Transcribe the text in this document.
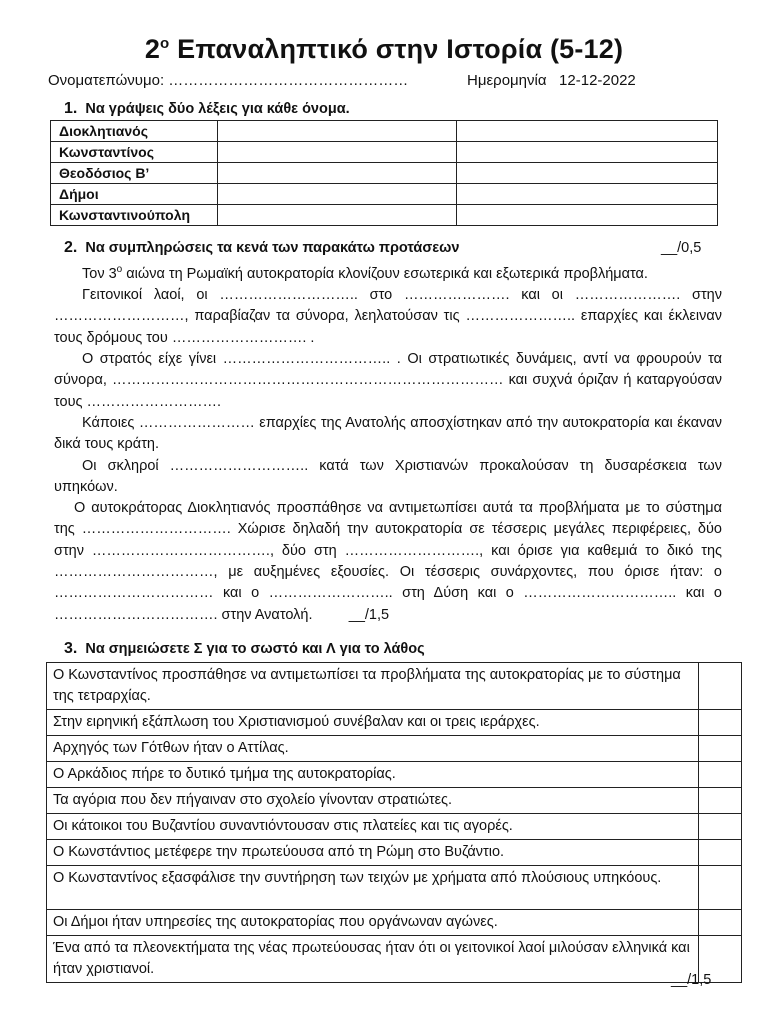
$2^o$ Επαναληπτικό στην Ιστορία (5-12)
Ονοματεπώνυμο: …………………………………………	Ημερομηνία 12-12-2022
1. Να γράψεις δύο λέξεις για κάθε όνομα.
Διοκλητιανός		
Κωνσταντίνος		
Θεοδόσιος Β’		
Δήμοι		
Κωνσταντινούπολη		
2. Να συμπληρώσεις τα κενά των παρακάτω προτάσεων	__/0,5

Τον $3^o$ αιώνα τη Ρωμαϊκή αυτοκρατορία κλονίζουν εσωτερικά και εξωτερικά προβλήματα.

Γειτονικοί λαοί, οι ……………………….. στο …………………. και οι …………………. στην ………………………, παραβίαζαν τα σύνορα, λεηλατούσαν τις ………………….. επαρχίες και έκλειναν τους δρόμους του ………………………. .

Ο στρατός είχε γίνει …………………………….. . Οι στρατιωτικές δυνάμεις, αντί να φρουρούν τα σύνορα, ……………………………………………………………………… και συχνά όριζαν ή καταργούσαν τους ……………………….

Κάποιες …………………… επαρχίες της Ανατολής αποσχίστηκαν από την αυτοκρατορία και έκαναν δικά τους κράτη.

Οι σκληροί ……………………….. κατά των Χριστιανών προκαλούσαν τη δυσαρέσκεια των υπηκόων.

Ο αυτοκράτορας Διοκλητιανός προσπάθησε να αντιμετωπίσει αυτά τα προβλήματα με το σύστημα της …………………………. Χώρισε δηλαδή την αυτοκρατορία σε τέσσερις μεγάλες περιφέρειες, δύο στην ………………………………., δύο στη ………………………., και όρισε για καθεμιά το δικό της ……………………………, με αυξημένες εξουσίες. Οι τέσσερις συνάρχοντες, που όρισε ήταν: ο …………………………… και ο …………………….. στη Δύση και ο ………………………….. και ο ……………………………. στην Ανατολή.	__/1,5

3. Να σημειώσετε Σ για το σωστό και Λ για το λάθος
Ο Κωνσταντίνος προσπάθησε να αντιμετωπίσει τα προβλήματα της αυτοκρατορίας με το σύστημα της τετραρχίας.	
Στην ειρηνική εξάπλωση του Χριστιανισμού συνέβαλαν και οι τρεις ιεράρχες.	
Αρχηγός των Γότθων ήταν ο Αττίλας.	
Ο Αρκάδιος πήρε το δυτικό τμήμα της αυτοκρατορίας.	
Τα αγόρια που δεν πήγαιναν στο σχολείο γίνονταν στρατιώτες.	
Οι κάτοικοι του Βυζαντίου συναντιόντουσαν στις πλατείες και τις αγορές.	
Ο Κωνστάντιος μετέφερε την πρωτεύουσα από τη Ρώμη στο Βυζάντιο.	
Ο Κωνσταντίνος εξασφάλισε την συντήρηση των τειχών με χρήματα από πλούσιους υπηκόους.	
Οι Δήμοι ήταν υπηρεσίες της αυτοκρατορίας που οργάνωναν αγώνες.	
Ένα από τα πλεονεκτήματα της νέας πρωτεύουσας ήταν ότι οι γειτονικοί λαοί μιλούσαν ελληνικά και ήταν χριστιανοί.	
__/1,5
